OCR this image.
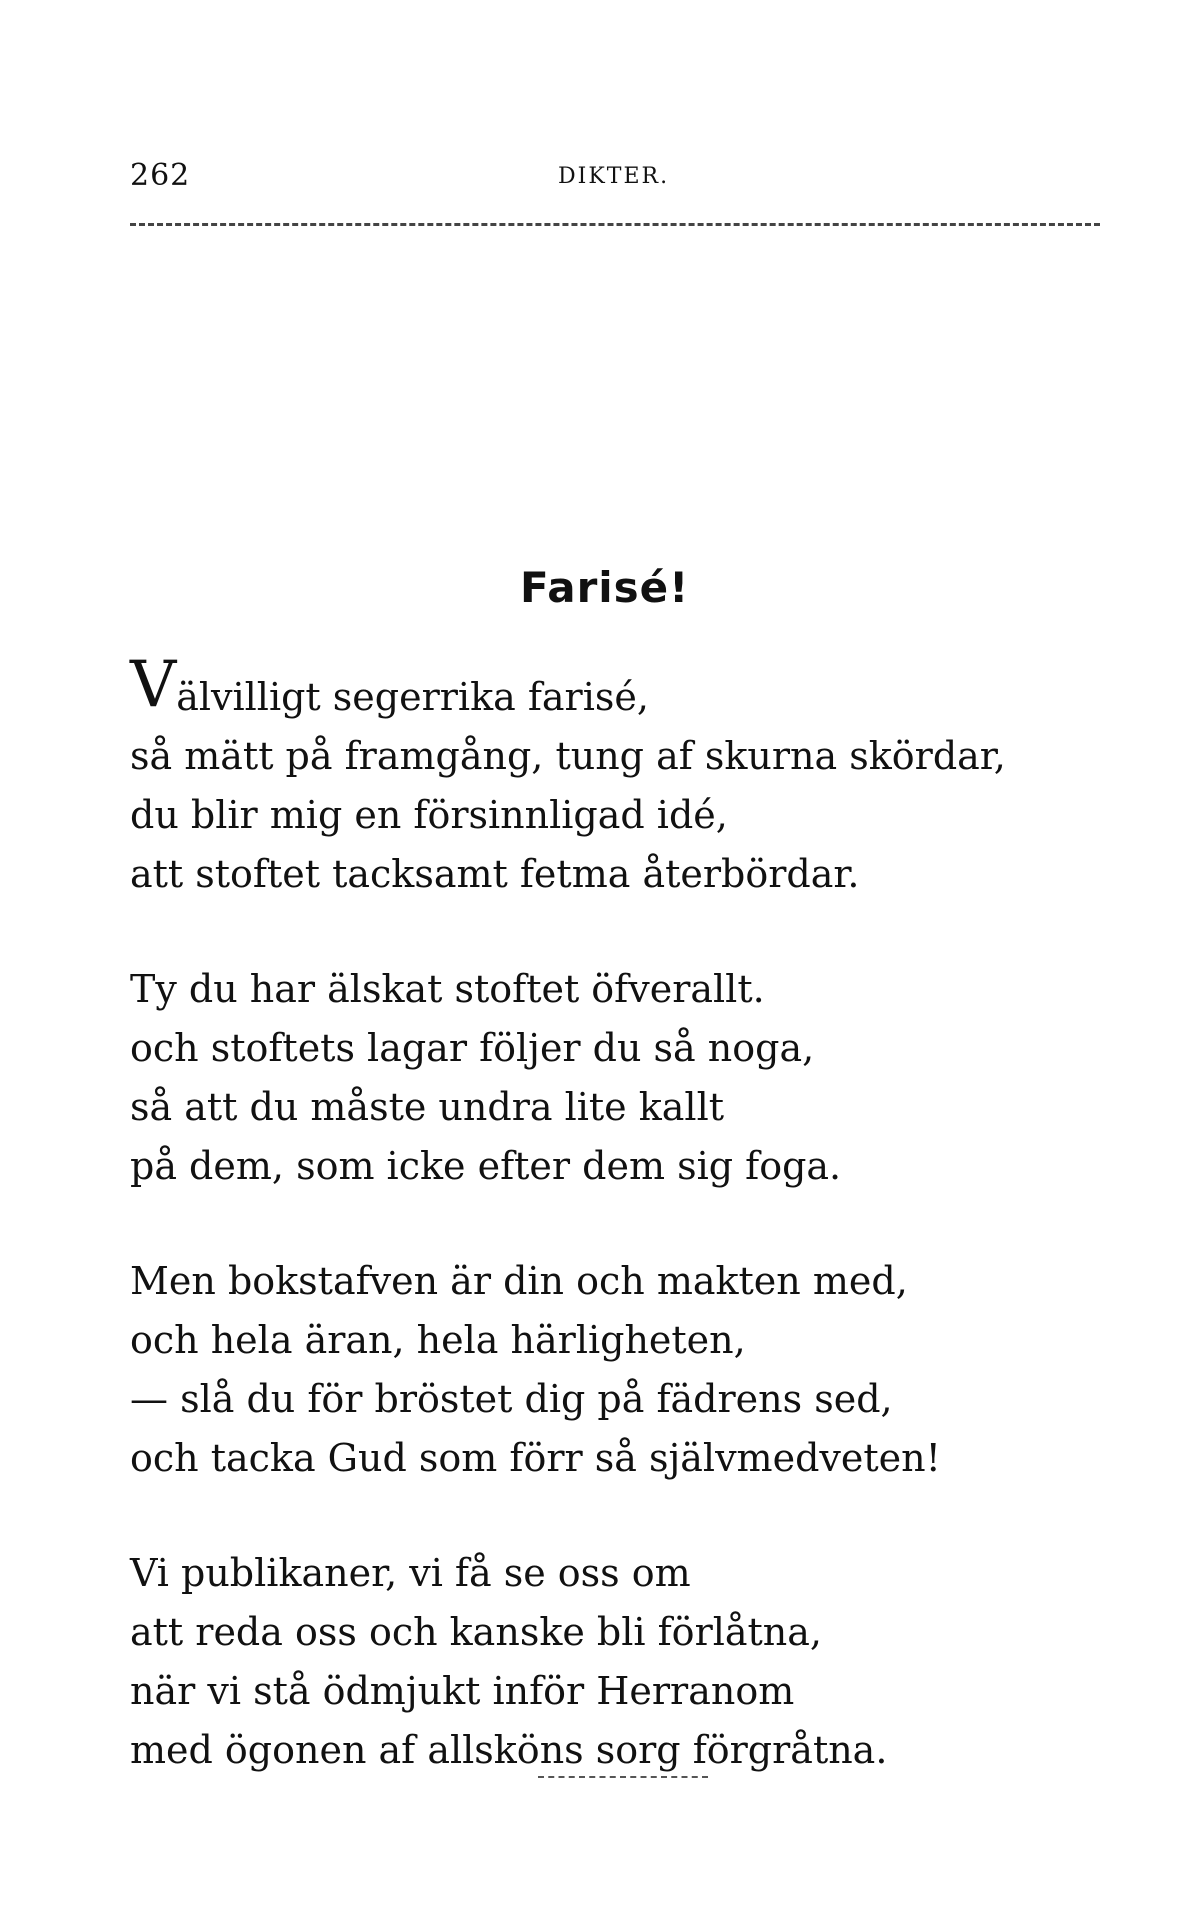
262	DIKTER.
Farisé!
Välvilligt segerrika farisé,
så mätt på framgång, tung af skurna skördar,
du blir mig en försinnligad idé,
att stoftet tacksamt fetma återbördar.
Ty du har älskat stoftet öfverallt.
och stoftets lagar följer du så noga,
så att du måste undra lite kallt
på dem, som icke efter dem sig foga.
Men bokstafven är din och makten med,
och hela äran, hela härligheten,
— slå du för bröstet dig på fädrens sed,
och tacka Gud som förr så självmedveten!
Vi publikaner, vi få se oss om
att reda oss och kanske bli förlåtna,
när vi stå ödmjukt inför Herranom
med ögonen af allsköns sorg förgråtna.
